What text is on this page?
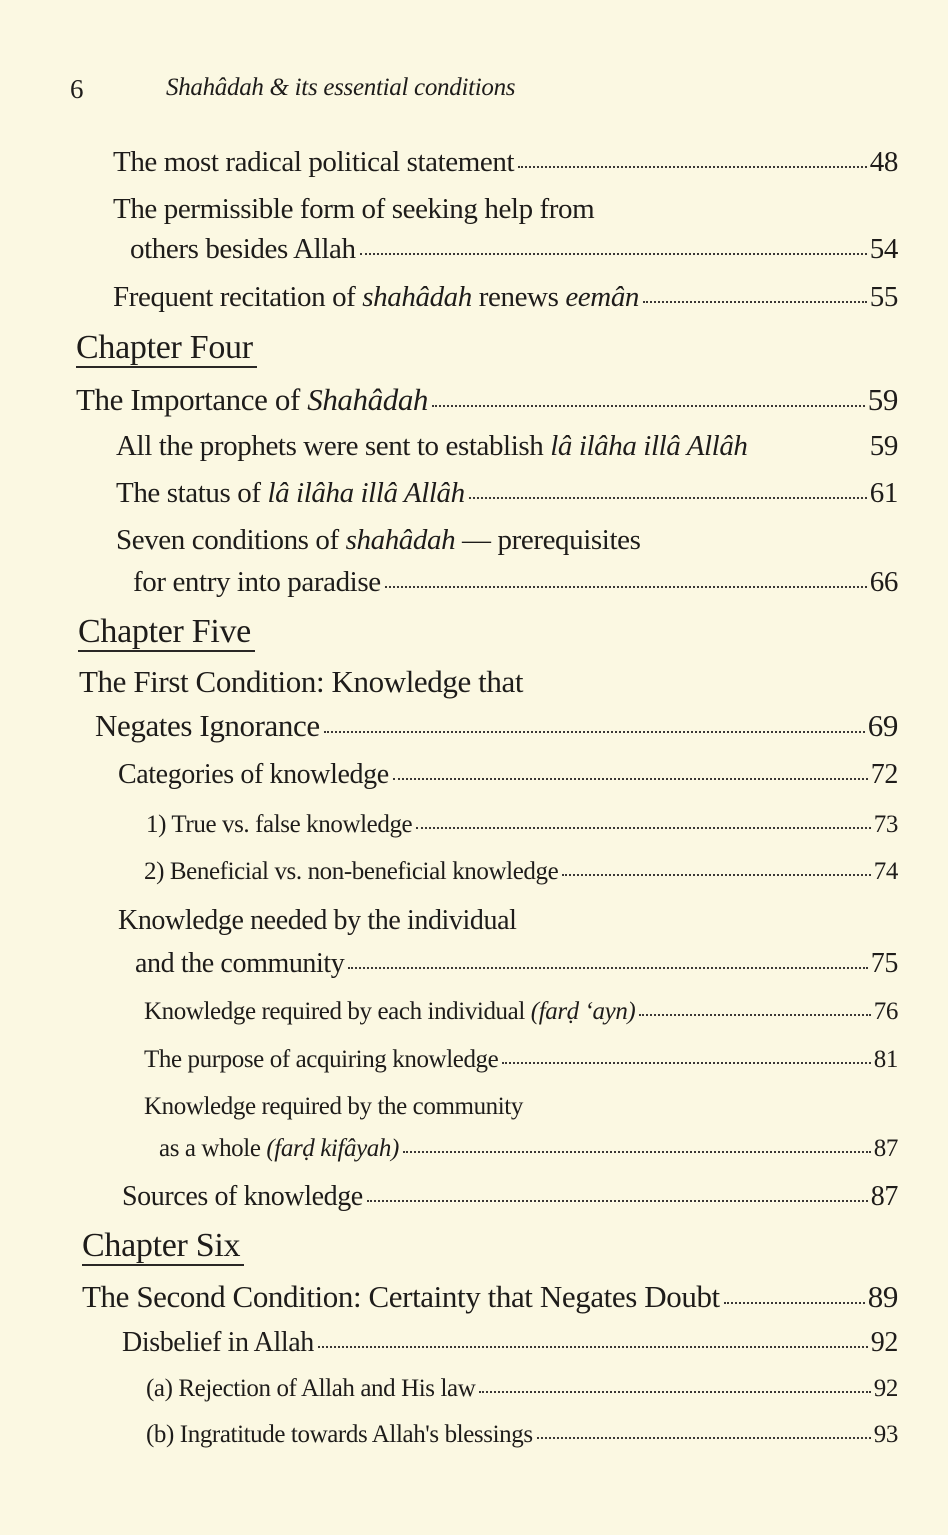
6	Shahâdah & its essential conditions
The most radical political statement	48
The permissible form of seeking help from
others besides Allah	54
Frequent recitation of shahâdah renews eemân	55
Chapter Four
The Importance of Shahâdah	59
All the prophets were sent to establish lâ ilâha illâ Allâh	59
The status of lâ ilâha illâ Allâh	61
Seven conditions of shahâdah — prerequisites
for entry into paradise	66
Chapter Five
The First Condition: Knowledge that
Negates Ignorance	69
Categories of knowledge	72
1) True vs. false knowledge	73
2) Beneficial vs. non-beneficial knowledge	74
Knowledge needed by the individual
and the community	75
Knowledge required by each individual (farḍ ʻayn)	76
The purpose of acquiring knowledge	81
Knowledge required by the community
as a whole (farḍ kifâyah)	87
Sources of knowledge	87
Chapter Six
The Second Condition: Certainty that Negates Doubt	89
Disbelief in Allah	92
(a) Rejection of Allah and His law	92
(b) Ingratitude towards Allah's blessings	93
